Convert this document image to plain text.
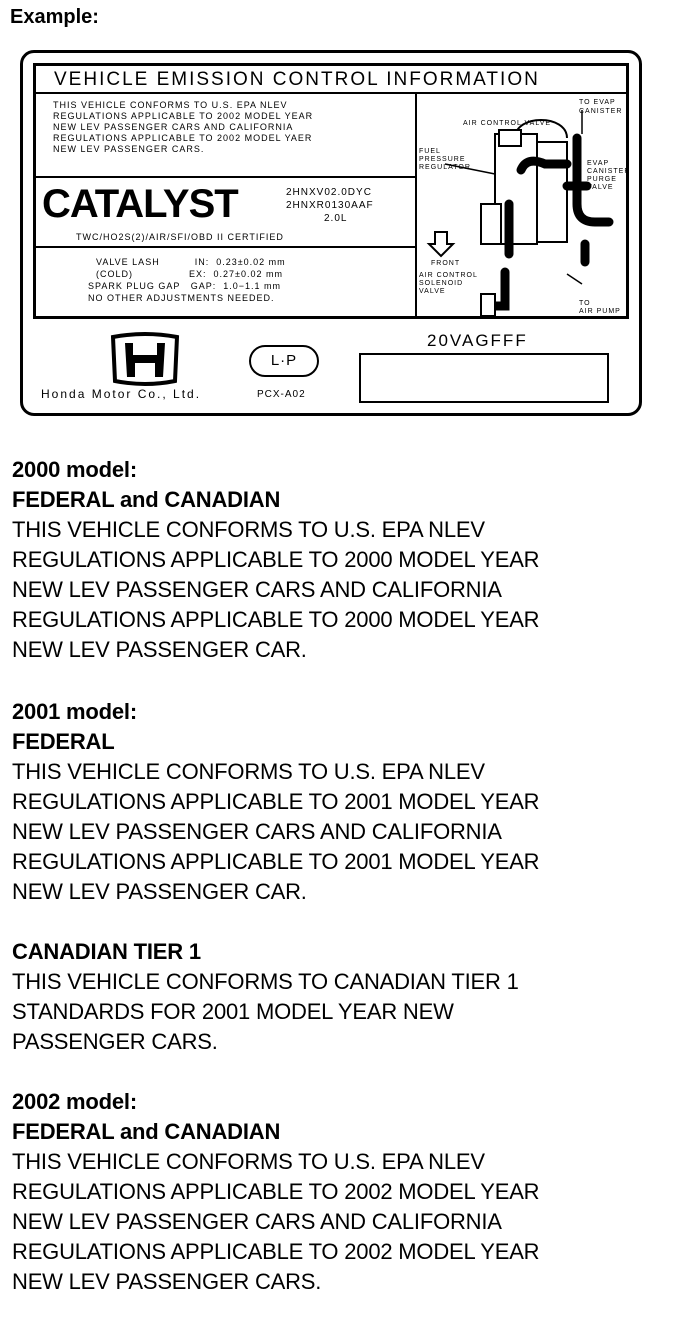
Example:
VEHICLE EMISSION CONTROL INFORMATION
THIS VEHICLE CONFORMS TO U.S. EPA NLEV
REGULATIONS APPLICABLE TO 2002 MODEL YEAR
NEW LEV PASSENGER CARS AND CALIFORNIA
REGULATIONS APPLICABLE TO 2002 MODEL YAER
NEW LEV PASSENGER CARS.
CATALYST	2HNXV02.0DYC
2HNXR0130AAF
2.0L
TWC/HO2S(2)/AIR/SFI/OBD II CERTIFIED
VALVE LASH          IN:  0.23±0.02 mm
(COLD)                EX:  0.27±0.02 mm
SPARK PLUG GAP   GAP:  1.0−1.1 mm
NO OTHER ADJUSTMENTS NEEDED.
TO EVAP
CANISTER
AIR CONTROL VALVE
FUEL
PRESSURE
REGULATOR
EVAP
CANISTER
PURGE
VALVE
FRONT
AIR CONTROL
SOLENOID
VALVE
TO
AIR PUMP
L·P
PCX-A02
20VAGFFF
Honda Motor Co., Ltd.
2000 model:
FEDERAL and CANADIAN
THIS VEHICLE CONFORMS TO U.S. EPA NLEV
REGULATIONS APPLICABLE TO 2000 MODEL YEAR
NEW LEV PASSENGER CARS AND CALIFORNIA
REGULATIONS APPLICABLE TO 2000 MODEL YEAR
NEW LEV PASSENGER CAR.
2001 model:
FEDERAL
THIS VEHICLE CONFORMS TO U.S. EPA NLEV
REGULATIONS APPLICABLE TO 2001 MODEL YEAR
NEW LEV PASSENGER CARS AND CALIFORNIA
REGULATIONS APPLICABLE TO 2001 MODEL YEAR
NEW LEV PASSENGER CAR.
CANADIAN TIER 1
THIS VEHICLE CONFORMS TO CANADIAN TIER 1
STANDARDS FOR 2001 MODEL YEAR NEW
PASSENGER CARS.
2002 model:
FEDERAL and CANADIAN
THIS VEHICLE CONFORMS TO U.S. EPA NLEV
REGULATIONS APPLICABLE TO 2002 MODEL YEAR
NEW LEV PASSENGER CARS AND CALIFORNIA
REGULATIONS APPLICABLE TO 2002 MODEL YEAR
NEW LEV PASSENGER CARS.
